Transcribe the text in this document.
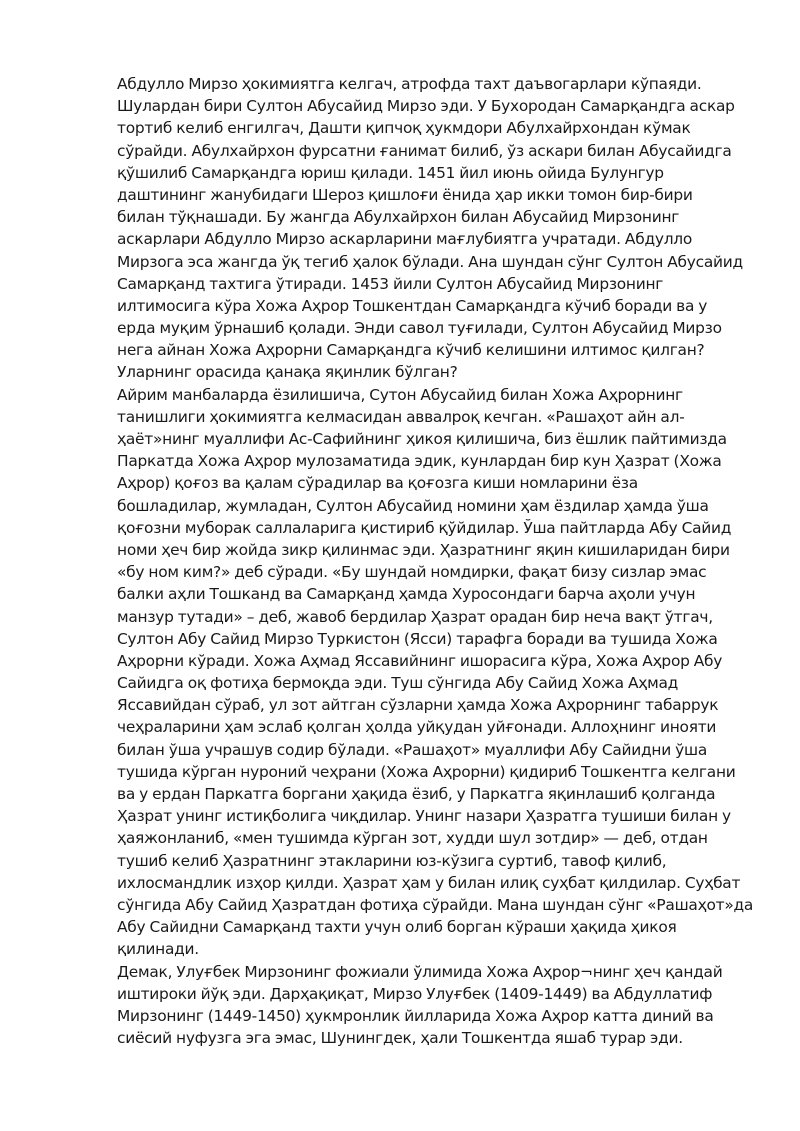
Абдулло Мирзо ҳокимиятга келгач, атрофда тахт даъвогарлари кўпаяди.
Шулардан бири Султон Абусайид Мирзо эди. У Бухородан Самарқандга аскар
тортиб келиб енгилгач, Дашти қипчоқ ҳукмдори Абулхайрхондан кўмак
сўрайди. Абулхайрхон фурсатни ғанимат билиб, ўз аскари билан Абусайидга
қўшилиб Самарқандга юриш қилади. 1451 йил июнь ойида Булунгур
даштининг жанубидаги Шероз қишлоғи ёнида ҳар икки томон бир-бири
билан тўқнашади. Бу жангда Абулхайрхон билан Абусайид Мирзонинг
аскарлари Абдулло Мирзо аскарларини мағлубиятга учратади. Абдулло
Мирзога эса жангда ўқ тегиб ҳалок бўлади. Ана шундан сўнг Султон Абусайид
Самарқанд тахтига ўтиради. 1453 йили Султон Абусайид Мирзонинг
илтимосига кўра Хожа Аҳрор Тошкентдан Самарқандга кўчиб боради ва у
ерда муқим ўрнашиб қолади. Энди савол туғилади, Султон Абусайид Мирзо
нега айнан Хожа Аҳрорни Самарқандга кўчиб келишини илтимос қилган?
Уларнинг орасида қанақа яқинлик бўлган?
Айрим манбаларда ёзилишича, Сутон Абусайид билан Хожа Аҳрорнинг
танишлиги ҳокимиятга келмасидан аввалроқ кечган. «Рашаҳот айн ал-
ҳаёт»нинг муаллифи Ас-Сафийнинг ҳикоя қилишича, биз ёшлик пайтимизда
Паркатда Хожа Аҳрор мулозаматида эдик, кунлардан бир кун Ҳазрат (Хожа
Аҳрор) қоғоз ва қалам сўрадилар ва қоғозга киши номларини ёза
бошладилар, жумладан, Султон Абусайид номини ҳам ёздилар ҳамда ўша
қоғозни муборак саллаларига қистириб қўйдилар. Ўша пайтларда Абу Сайид
номи ҳеч бир жойда зикр қилинмас эди. Ҳазратнинг яқин кишиларидан бири
«бу ном ким?» деб сўради. «Бу шундай номдирки, фақат бизу сизлар эмас
балки аҳли Тошканд ва Самарқанд ҳамда Хуросондаги барча аҳоли учун
манзур тутади» – деб, жавоб бердилар Ҳазрат орадан бир неча вақт ўтгач,
Султон Абу Сайид Мирзо Туркистон (Ясси) тарафга боради ва тушида Хожа
Аҳрорни кўради. Хожа Аҳмад Яссавийнинг ишорасига кўра, Хожа Аҳрор Абу
Сайидга оқ фотиҳа бермоқда эди. Туш сўнгида Абу Сайид Хожа Аҳмад
Яссавийдан сўраб, ул зот айтган сўзларни ҳамда Хожа Аҳрорнинг табаррук
чеҳраларини ҳам эслаб қолган ҳолда уйқудан уйғонади. Аллоҳнинг инояти
билан ўша учрашув содир бўлади. «Рашаҳот» муаллифи Абу Сайидни ўша
тушида кўрган нуроний чеҳрани (Хожа Аҳрорни) қидириб Тошкентга келгани
ва у ердан Паркатга боргани ҳақида ёзиб, у Паркатга яқинлашиб қолганда
Ҳазрат унинг истиқболига чиқдилар. Унинг назари Ҳазратга тушиши билан у
ҳаяжонланиб, «мен тушимда кўрган зот, худди шул зотдир» — деб, отдан
тушиб келиб Ҳазратнинг этакларини юз-кўзига суртиб, тавоф қилиб,
ихлосмандлик изҳор қилди. Ҳазрат ҳам у билан илиқ суҳбат қилдилар. Суҳбат
сўнгида Абу Сайид Ҳазратдан фотиҳа сўрайди. Мана шундан сўнг «Рашаҳот»да
Абу Сайидни Самарқанд тахти учун олиб борган кўраши ҳақида ҳикоя
қилинади.
Демак, Улуғбек Мирзонинг фожиали ўлимида Хожа Аҳрор¬нинг ҳеч қандай
иштироки йўқ эди. Дарҳақиқат, Мирзо Улуғбек (1409-1449) ва Абдуллатиф
Мирзонинг (1449-1450) ҳукмронлик йилларида Хожа Аҳрор катта диний ва
сиёсий нуфузга эга эмас, Шунингдек, ҳали Тошкентда яшаб турар эди.
